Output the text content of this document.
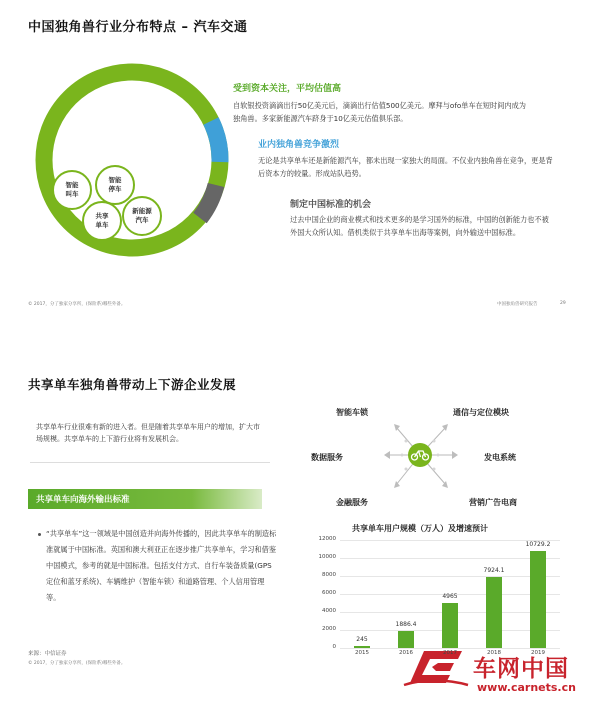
中国独角兽行业分布特点 – 汽车交通
智能
叫车
智能
停车
共享
单车
新能源
汽车
受到资本关注，平均估值高
自软银投资滴滴出行50亿美元后，滴滴出行估值500亿美元。摩拜与ofo单车在短时间内成为独角兽。多家新能源汽车跻身于10亿美元估值俱乐部。
业内独角兽竞争激烈
无论是共享单车还是新能源汽车，都未出现一家独大的局面。不仅业内独角兽在竞争，更是背后资本方的较量。形成站队趋势。
制定中国标准的机会
过去中国企业的商业模式和技术更多的是学习国外的标准，中国的创新能力也不被外国大众所认知。借机类似于共享单车出海等案例，向外输送中国标准。
© 2017，分了独家分享所，(保险系)哪些外备。	中国独角兽研究报告	29
共享单车独角兽带动上下游企业发展
共享单车行业很难有新的进入者。但是随着共享单车用户的增加，扩大市场规模。共享单车的上下游行业将有发展机会。
智能车锁	通信与定位模块
数据服务	发电系统
金融服务	营销广告电商
共享单车向海外输出标准
“共享单车”这一领域是中国创造并向海外传播的，因此共享单车的制造标准就属于中国标准。英国和澳大利亚正在逐步推广共享单车，学习和借鉴中国模式，参考的就是中国标准。包括支付方式、自行车装备质量(GPS定位和蓝牙系统)、车辆维护（智能车锁）和道路管理、个人信用管理等。
来源：中信证券
© 2017，分了独家分享所，(保险系)哪些外备。
共享单车用户规模（万人）及增速预计
车网中国
www.carnets.cn
0
2000
4000
6000
8000
10000
12000
245
2015
1886.4
2016
4965
2017
7924.1
2018
10729.2
2019
